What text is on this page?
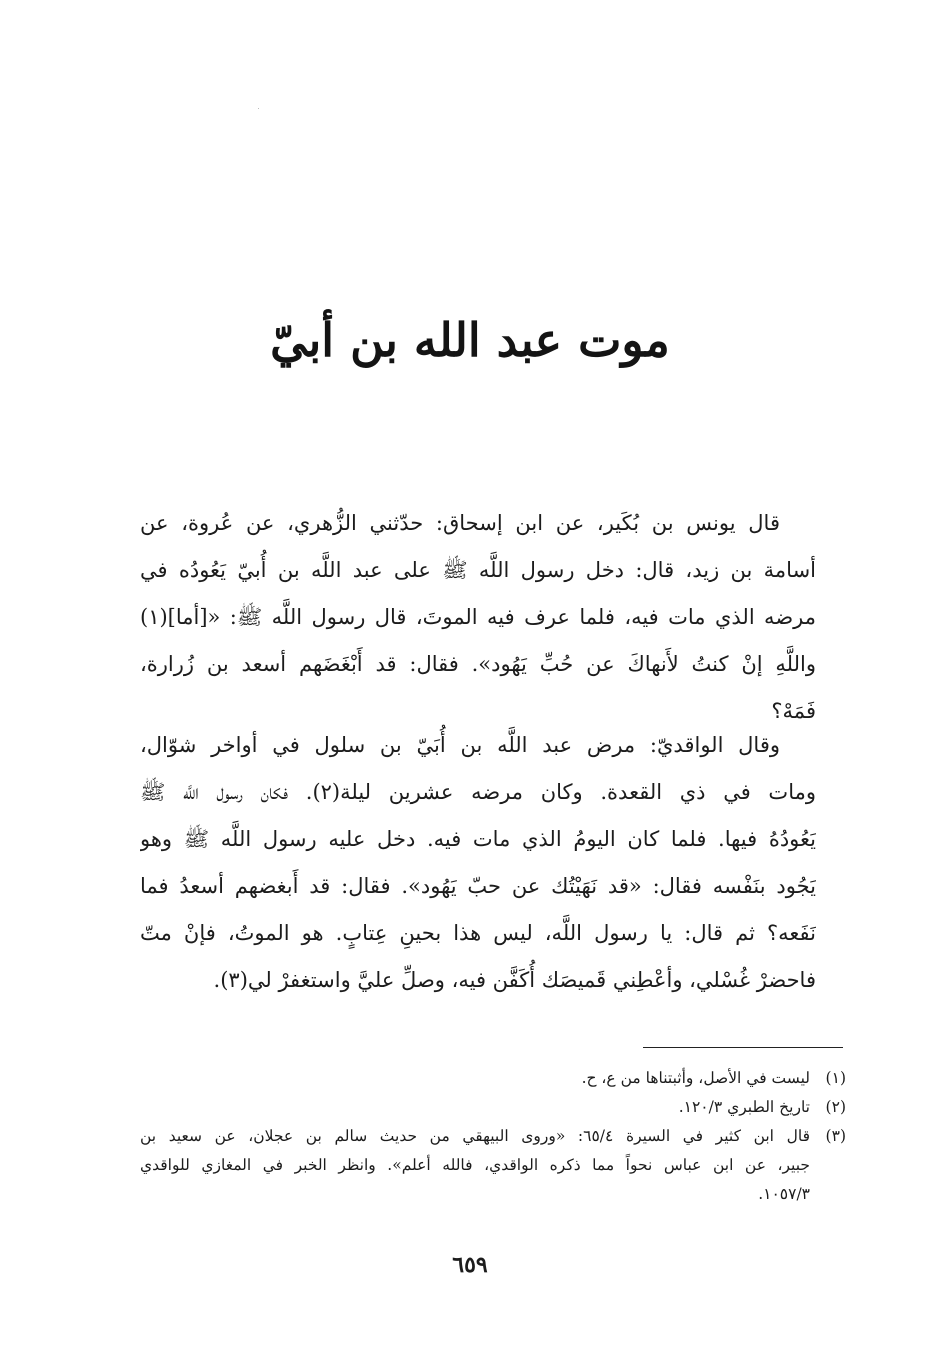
موت عبد الله بن أبيّ

قال يونس بن بُكَير، عن ابن إسحاق: حدّثني الزُّهري، عن عُروة، عن
أسامة بن زيد، قال: دخل رسول اللَّه ﷺ على عبد اللَّه بن أُبيّ يَعُودُه في
مرضه الذي مات فيه، فلما عرف فيه الموتَ، قال رسول اللَّه ﷺ: «[أما](١)
واللَّهِ إنْ كنتُ لأَنهاكَ عن حُبِّ يَهُود». فقال: قد أَبْغَضَهم أسعد بن زُرارة،
فَمَهْ؟

وقال الواقديّ: مرض عبد اللَّه بن أُبَيّ بن سلول في أواخر شوّال،
ومات في ذي القعدة. وكان مرضه عشرين ليلة(٢). فكان رسول اللَّه ﷺ
يَعُودُهُ فيها. فلما كان اليومُ الذي مات فيه. دخل عليه رسول اللَّه ﷺ وهو
يَجُود بنَفْسه فقال: «قد نَهَيْتُك عن حبّ يَهُود». فقال: قد أَبغضهم أسعدُ فما
نَفَعه؟ ثم قال: يا رسول اللَّه، ليس هذا بحينِ عِتابٍ. هو الموتُ، فإنْ متّ
فاحضرْ غُسْلي، وأعْطِني قَميصَك أُكَفَّن فيه، وصلِّ عليَّ واستغفرْ لي(٣).

(١)
ليست في الأصل، وأثبتناها من ع، ح.
(٢)
تاريخ الطبري ١٢٠/٣.
(٣)
قال ابن كثير في السيرة ٦٥/٤: «وروى البيهقي من حديث سالم بن عجلان، عن سعيد بن
جبير، عن ابن عباس نحواً مما ذكره الواقدي، فالله أعلم». وانظر الخبر في المغازي للواقدي
١٠٥٧/٣.
٦٥٩
